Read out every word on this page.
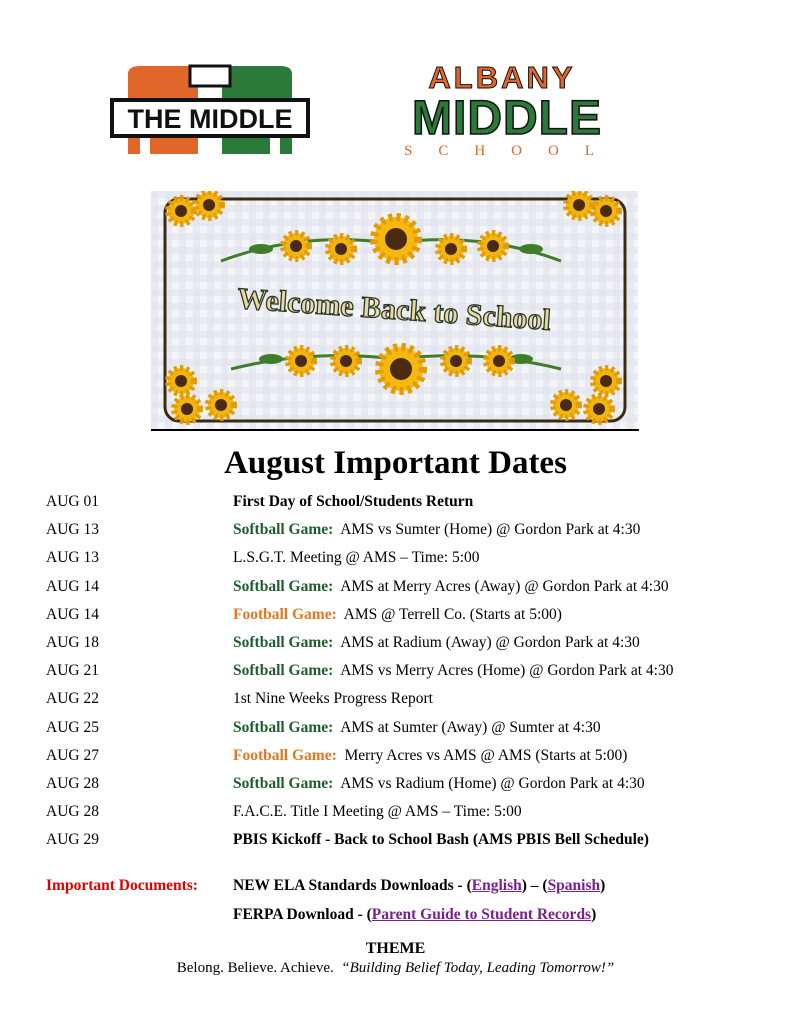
THE MIDDLE
ALBANY
MIDDLE
SCHOOL
Welcome Back to School
August Important Dates
AUG 01	First Day of School/Students Return
AUG 13	Softball Game: AMS vs Sumter (Home) @ Gordon Park at 4:30
AUG 13	L.S.G.T. Meeting @ AMS – Time: 5:00
AUG 14	Softball Game: AMS at Merry Acres (Away) @ Gordon Park at 4:30
AUG 14	Football Game: AMS @ Terrell Co. (Starts at 5:00)
AUG 18	Softball Game: AMS at Radium (Away) @ Gordon Park at 4:30
AUG 21	Softball Game: AMS vs Merry Acres (Home) @ Gordon Park at 4:30
AUG 22	1st Nine Weeks Progress Report
AUG 25	Softball Game: AMS at Sumter (Away) @ Sumter at 4:30
AUG 27	Football Game: Merry Acres vs AMS @ AMS (Starts at 5:00)
AUG 28	Softball Game: AMS vs Radium (Home) @ Gordon Park at 4:30
AUG 28	F.A.C.E. Title I Meeting @ AMS – Time: 5:00
AUG 29	PBIS Kickoff - Back to School Bash (AMS PBIS Bell Schedule)
Important Documents: NEW ELA Standards Downloads - (English) – (Spanish)
FERPA Download - (Parent Guide to Student Records)
THEME
Belong. Believe. Achieve. “Building Belief Today, Leading Tomorrow!”
